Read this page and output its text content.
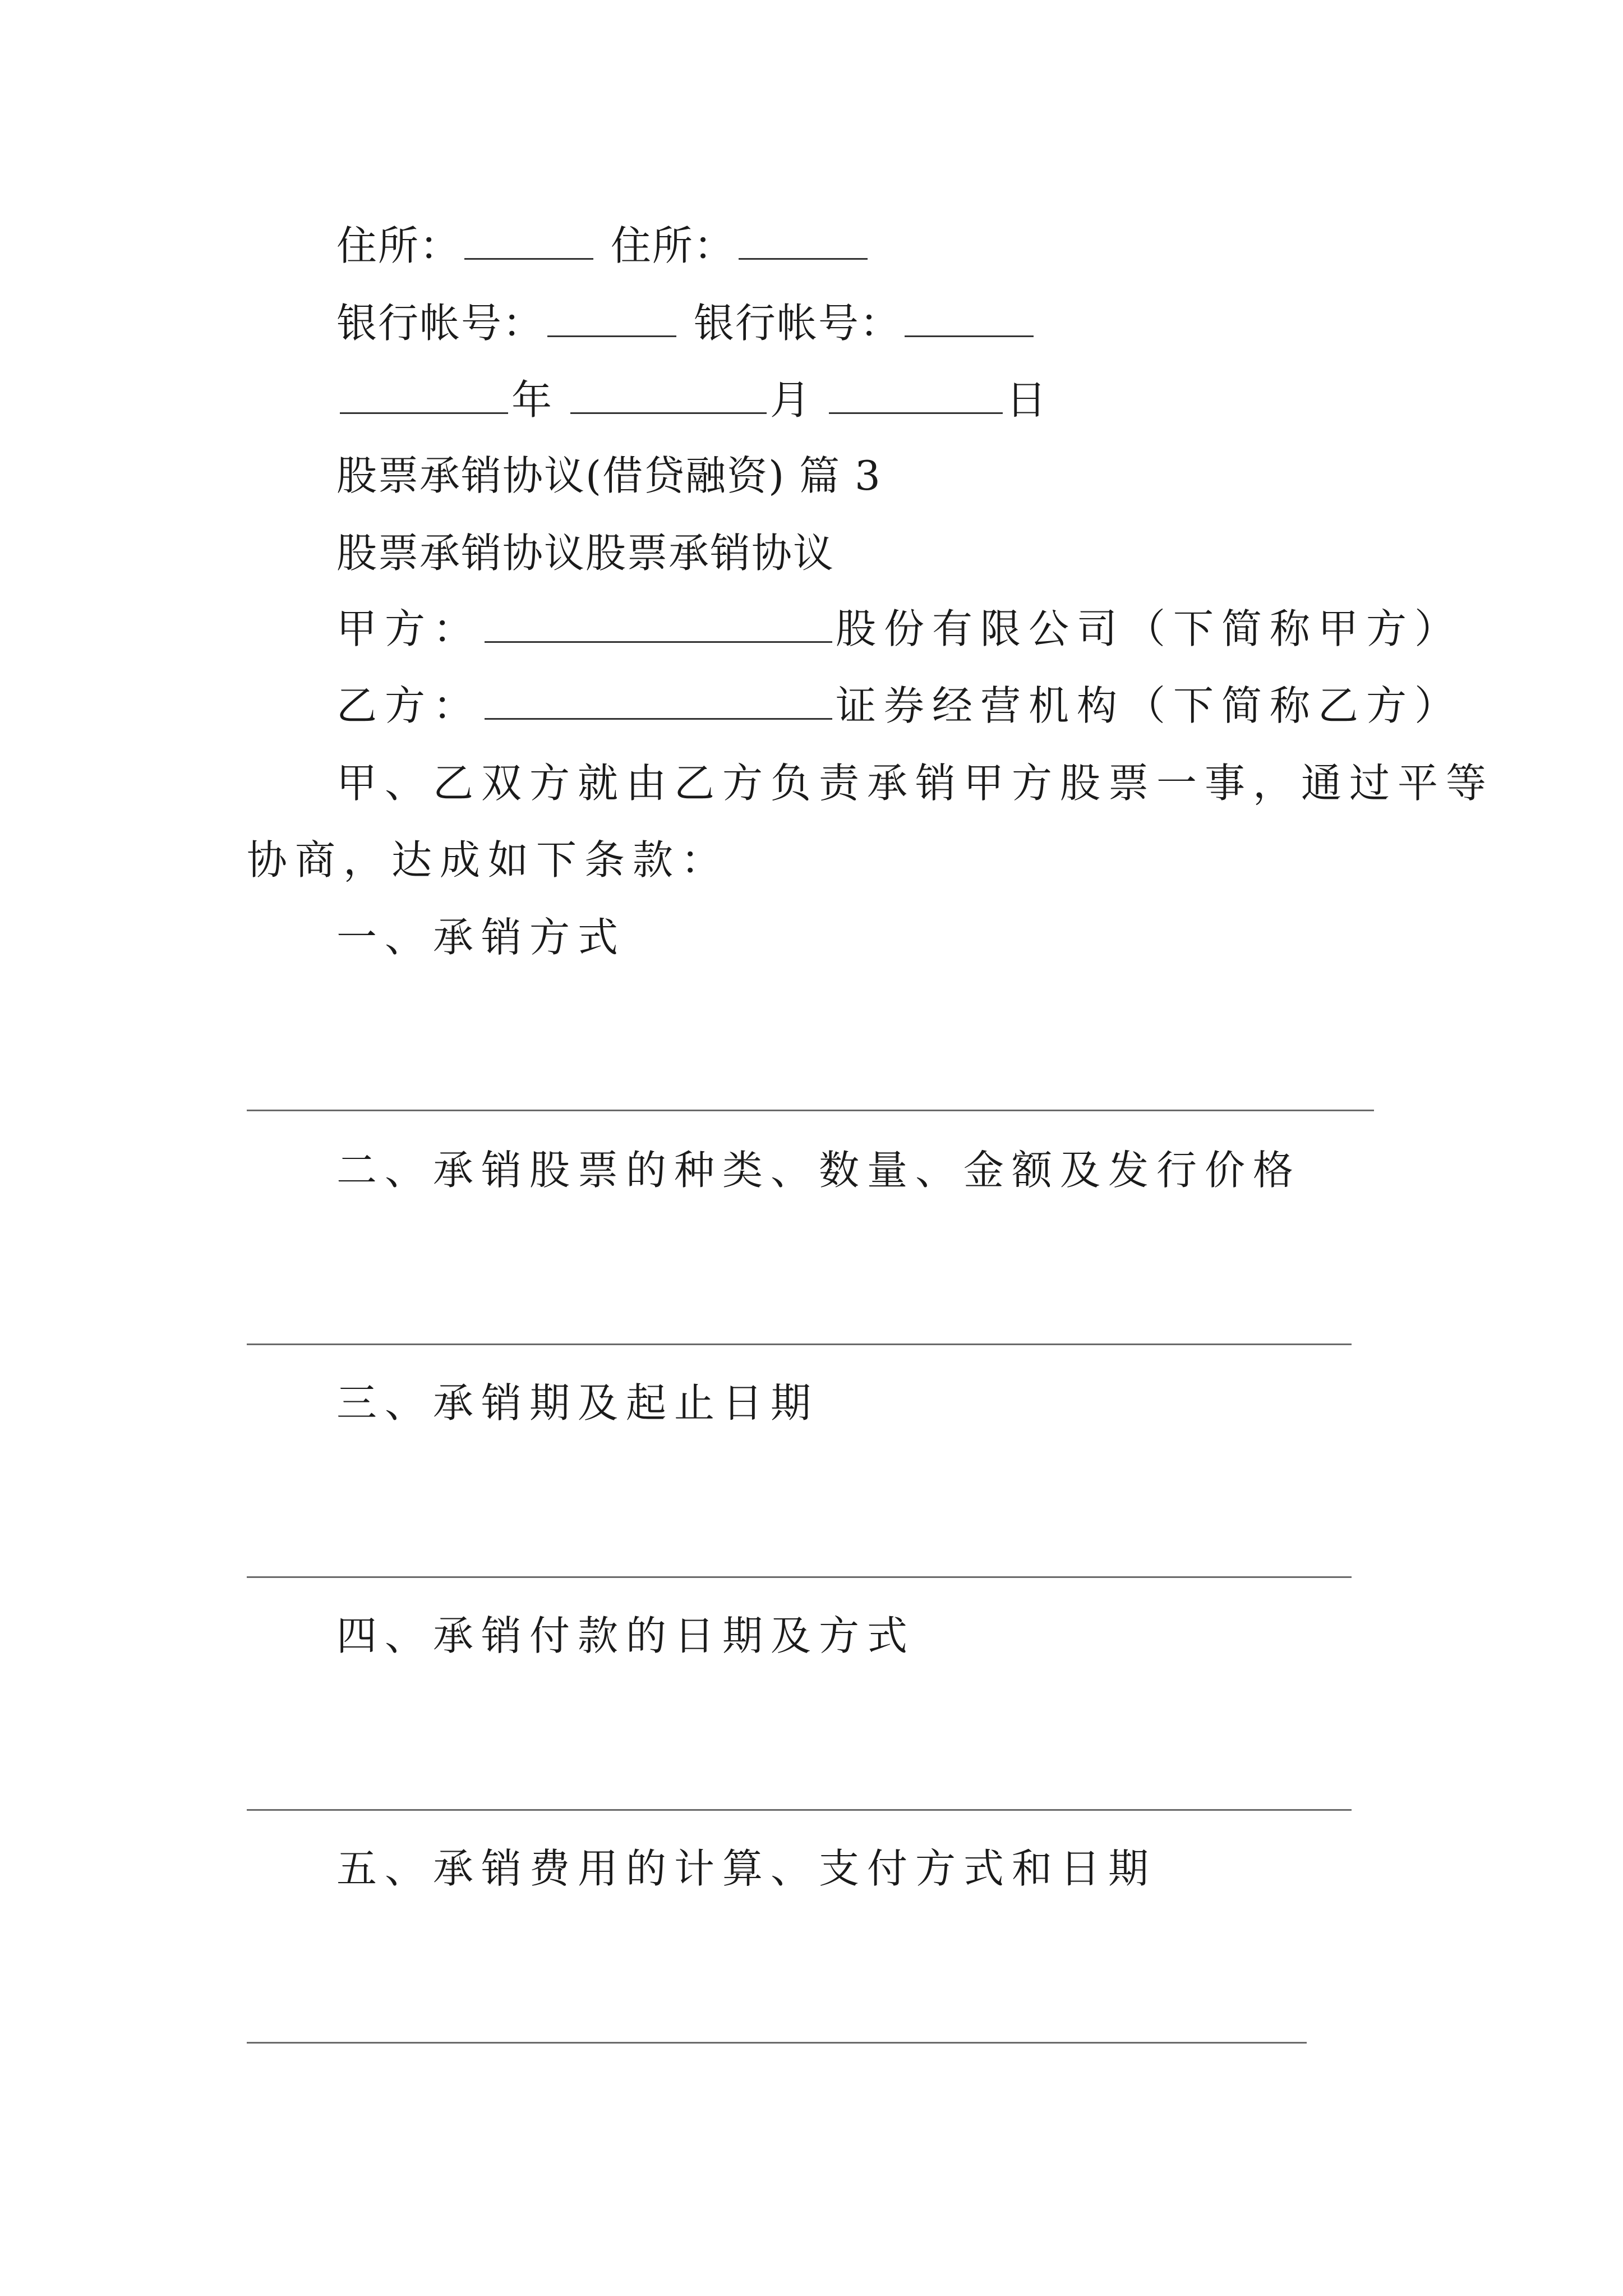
住所：	住所：
银行帐号：	银行帐号：
年	月	日
股票承销协议(借贷融资) 篇 3
股票承销协议股票承销协议
甲方：	股份有限公司（下简称甲方）
乙方：	证券经营机构（下简称乙方）
甲、乙双方就由乙方负责承销甲方股票一事，通过平等
协商，达成如下条款：
一、承销方式
二、承销股票的种类、数量、金额及发行价格
三、承销期及起止日期
四、承销付款的日期及方式
五、承销费用的计算、支付方式和日期
